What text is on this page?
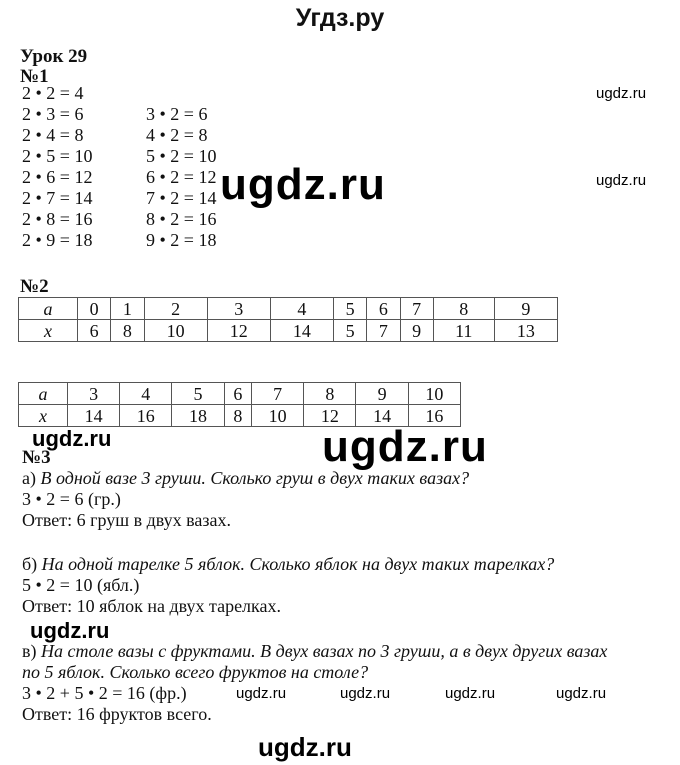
Угдз.ру
Урок 29
№1
2 • 2 = 4
2 • 3 = 6
2 • 4 = 8
2 • 5 = 10
2 • 6 = 12
2 • 7 = 14
2 • 8 = 16
2 • 9 = 18
3 • 2 = 6
4 • 2 = 8
5 • 2 = 10
6 • 2 = 12
7 • 2 = 14
8 • 2 = 16
9 • 2 = 18
ugdz.ru
ugdz.ru
ugdz.ru
№2
a	0	1	2	3	4	5	6	7	8	9
x	6	8	10	12	14	5	7	9	11	13
a	3	4	5	6	7	8	9	10
x	14	16	18	8	10	12	14	16
ugdz.ru	ugdz.ru
№3
а) В одной вазе 3 груши. Сколько груш в двух таких вазах?
3 • 2 = 6 (гр.)
Ответ: 6 груш в двух вазах.
б) На одной тарелке 5 яблок. Сколько яблок на двух таких тарелках?
5 • 2 = 10 (ябл.)
Ответ: 10 яблок на двух тарелках.
ugdz.ru
в) На столе вазы с фруктами. В двух вазах по 3 груши, а в двух других вазах
по 5 яблок. Сколько всего фруктов на столе?
3 • 2 + 5 • 2 = 16 (фр.)
Ответ: 16 фруктов всего.
ugdz.ru	ugdz.ru	ugdz.ru	ugdz.ru
ugdz.ru
